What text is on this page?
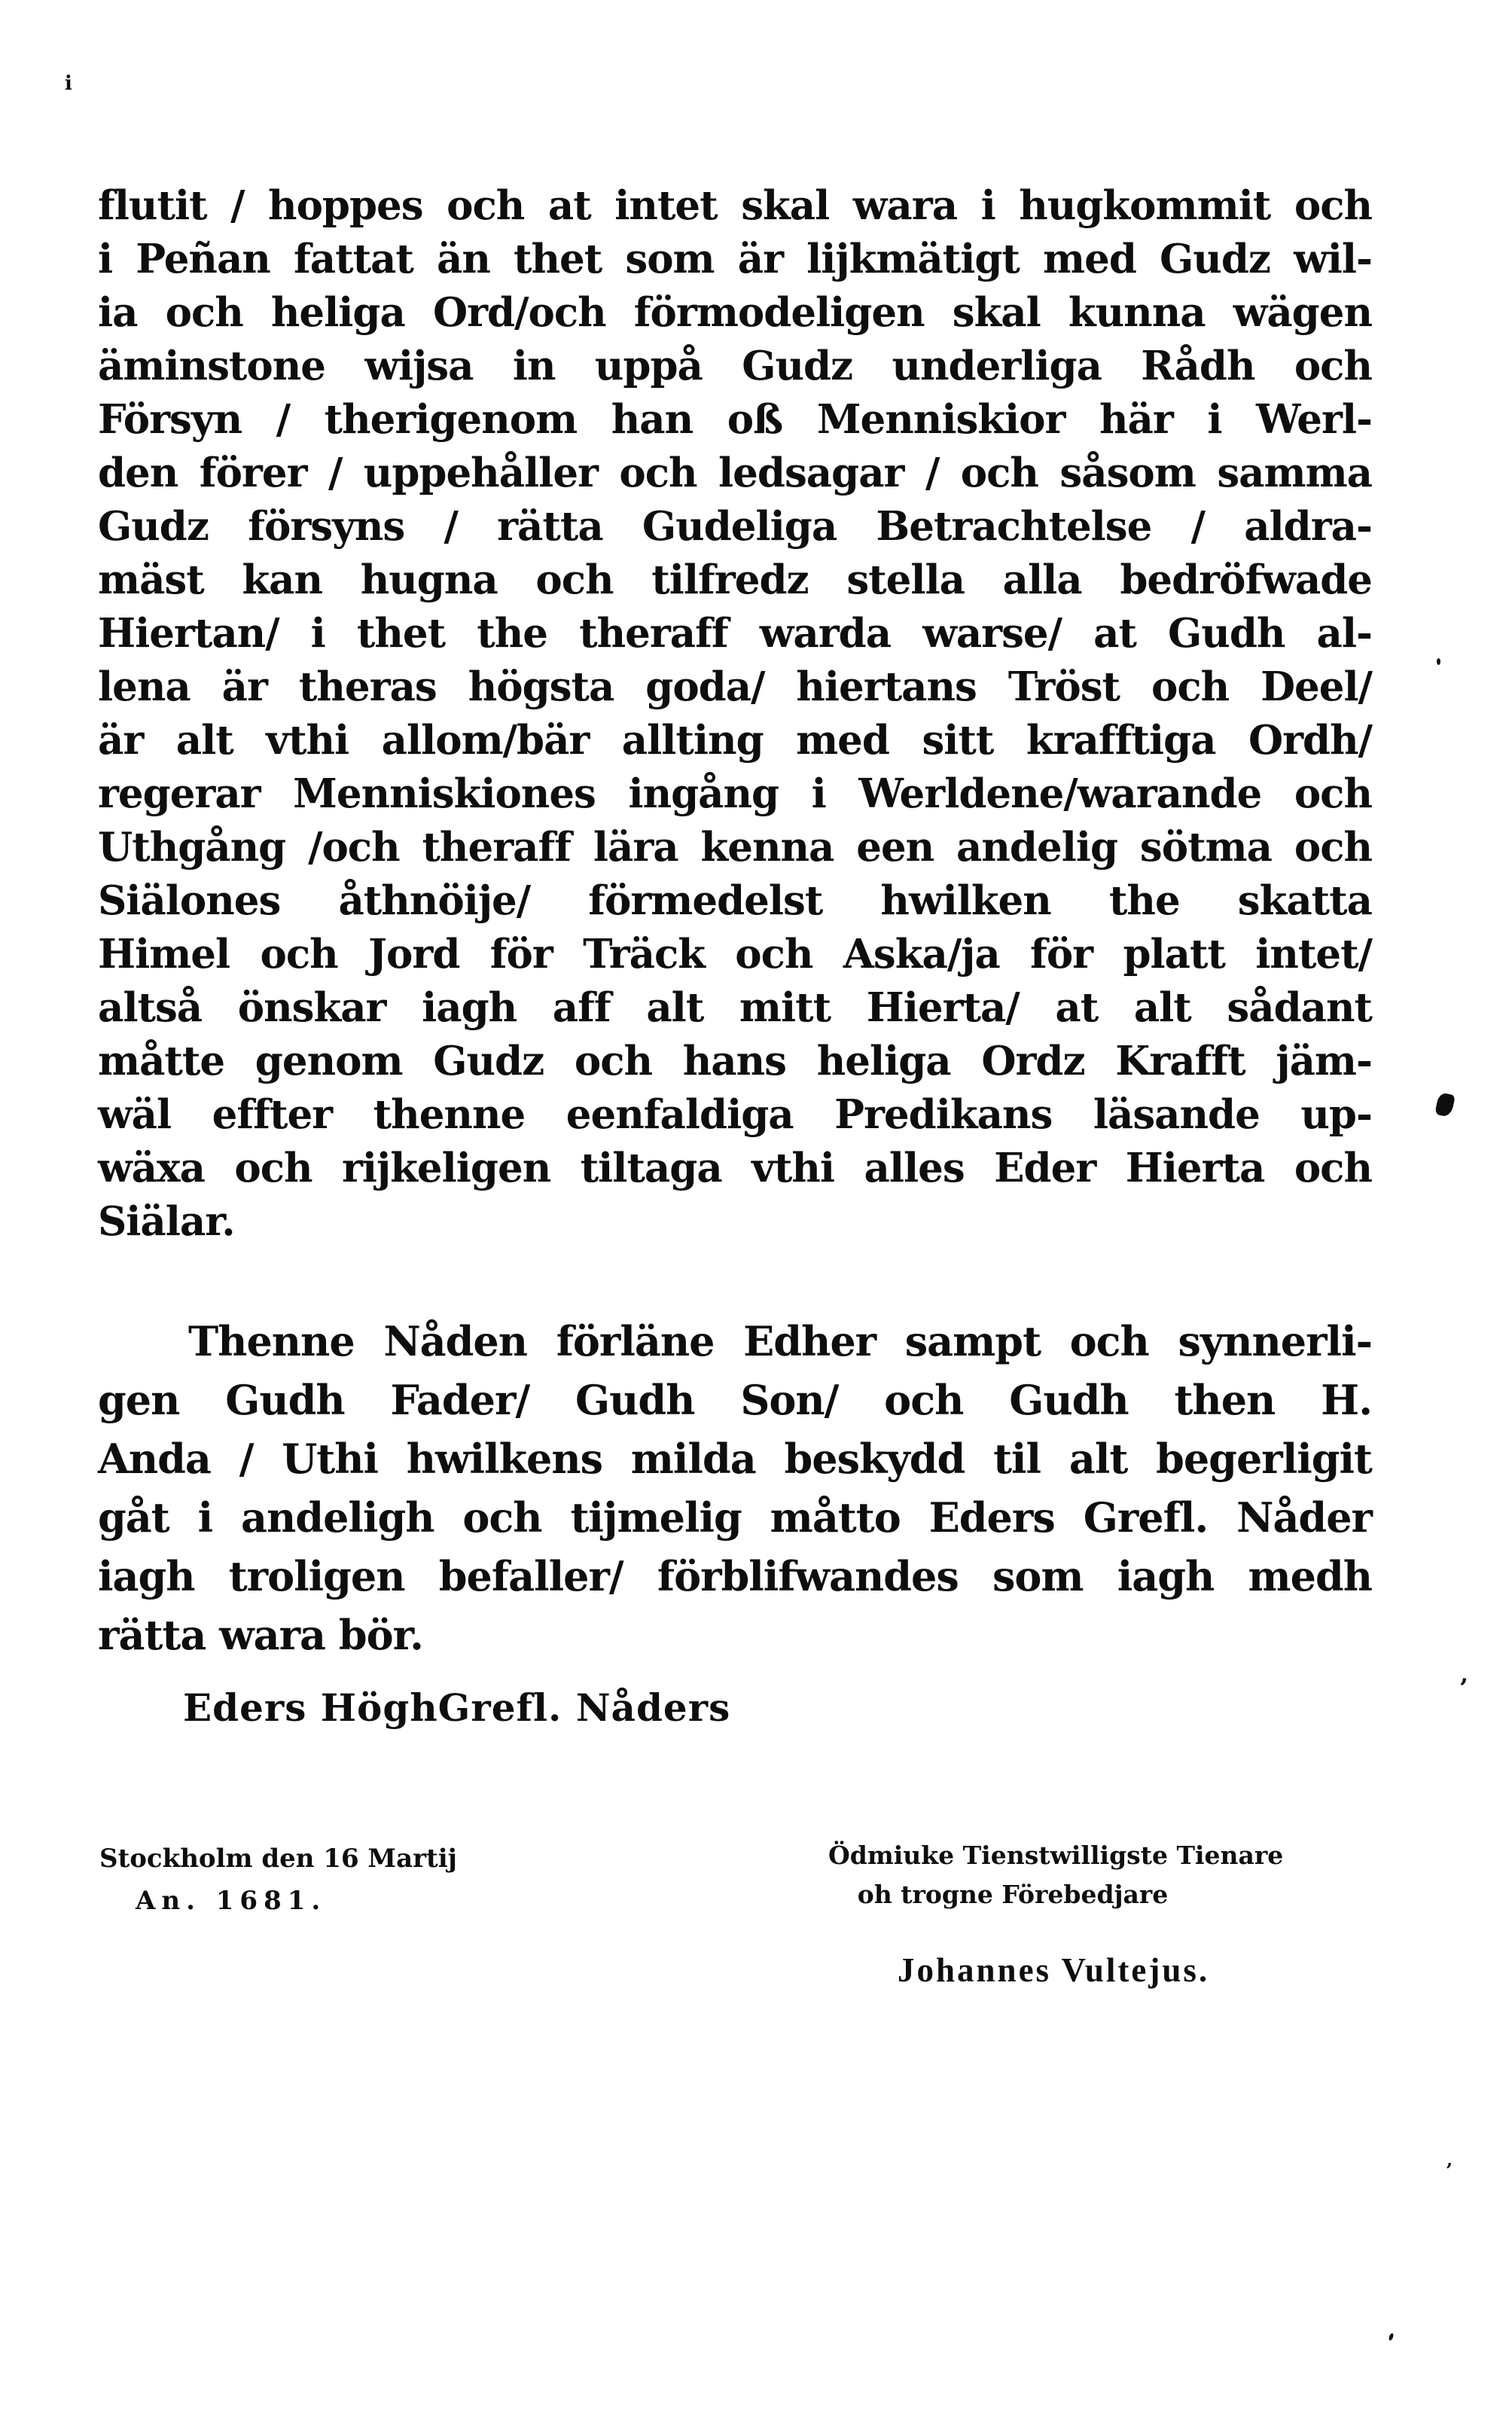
flutit / hoppes och at intet skal wara i hugkommit och
i Peñan fattat än thet som är lijkmätigt med Gudz wil-
ia och heliga Ord/och förmodeligen skal kunna wägen
äminstone wijsa in uppå Gudz underliga Rådh och
Försyn / therigenom han oß Menniskior här i Werl-
den förer / uppehåller och ledsagar / och såsom samma
Gudz försyns / rätta Gudeliga Betrachtelse / aldra-
mäst kan hugna och tilfredz stella alla bedröfwade
Hiertan/ i thet the theraff warda warse/ at Gudh al-
lena är theras högsta goda/ hiertans Tröst och Deel/
är alt vthi allom/bär allting med sitt krafftiga Ordh/
regerar Menniskiones ingång i Werldene/warande och
Uthgång /och theraff lära kenna een andelig sötma och
Siälones åthnöije/ förmedelst hwilken the skatta
Himel och Jord för Träck och Aska/ja för platt intet/
altså önskar iagh aff alt mitt Hierta/ at alt sådant
måtte genom Gudz och hans heliga Ordz Krafft jäm-
wäl effter thenne eenfaldiga Predikans läsande up-
wäxa och rijkeligen tiltaga vthi alles Eder Hierta och
Siälar.
Thenne Nåden förläne Edher sampt och synnerli-
gen Gudh Fader/ Gudh Son/ och Gudh then H.
Anda / Uthi hwilkens milda beskydd til alt begerligit
gåt i andeligh och tijmelig måtto Eders Grefl. Nåder
iagh troligen befaller/ förblifwandes som iagh medh
rätta wara bör.
Eders HöghGrefl. Nåders
Stockholm den 16 Martij
An. 1681.
Ödmiuke Tienstwilligste Tienare
oh trogne Förebedjare
Johannes Vultejus.
i
’
’
